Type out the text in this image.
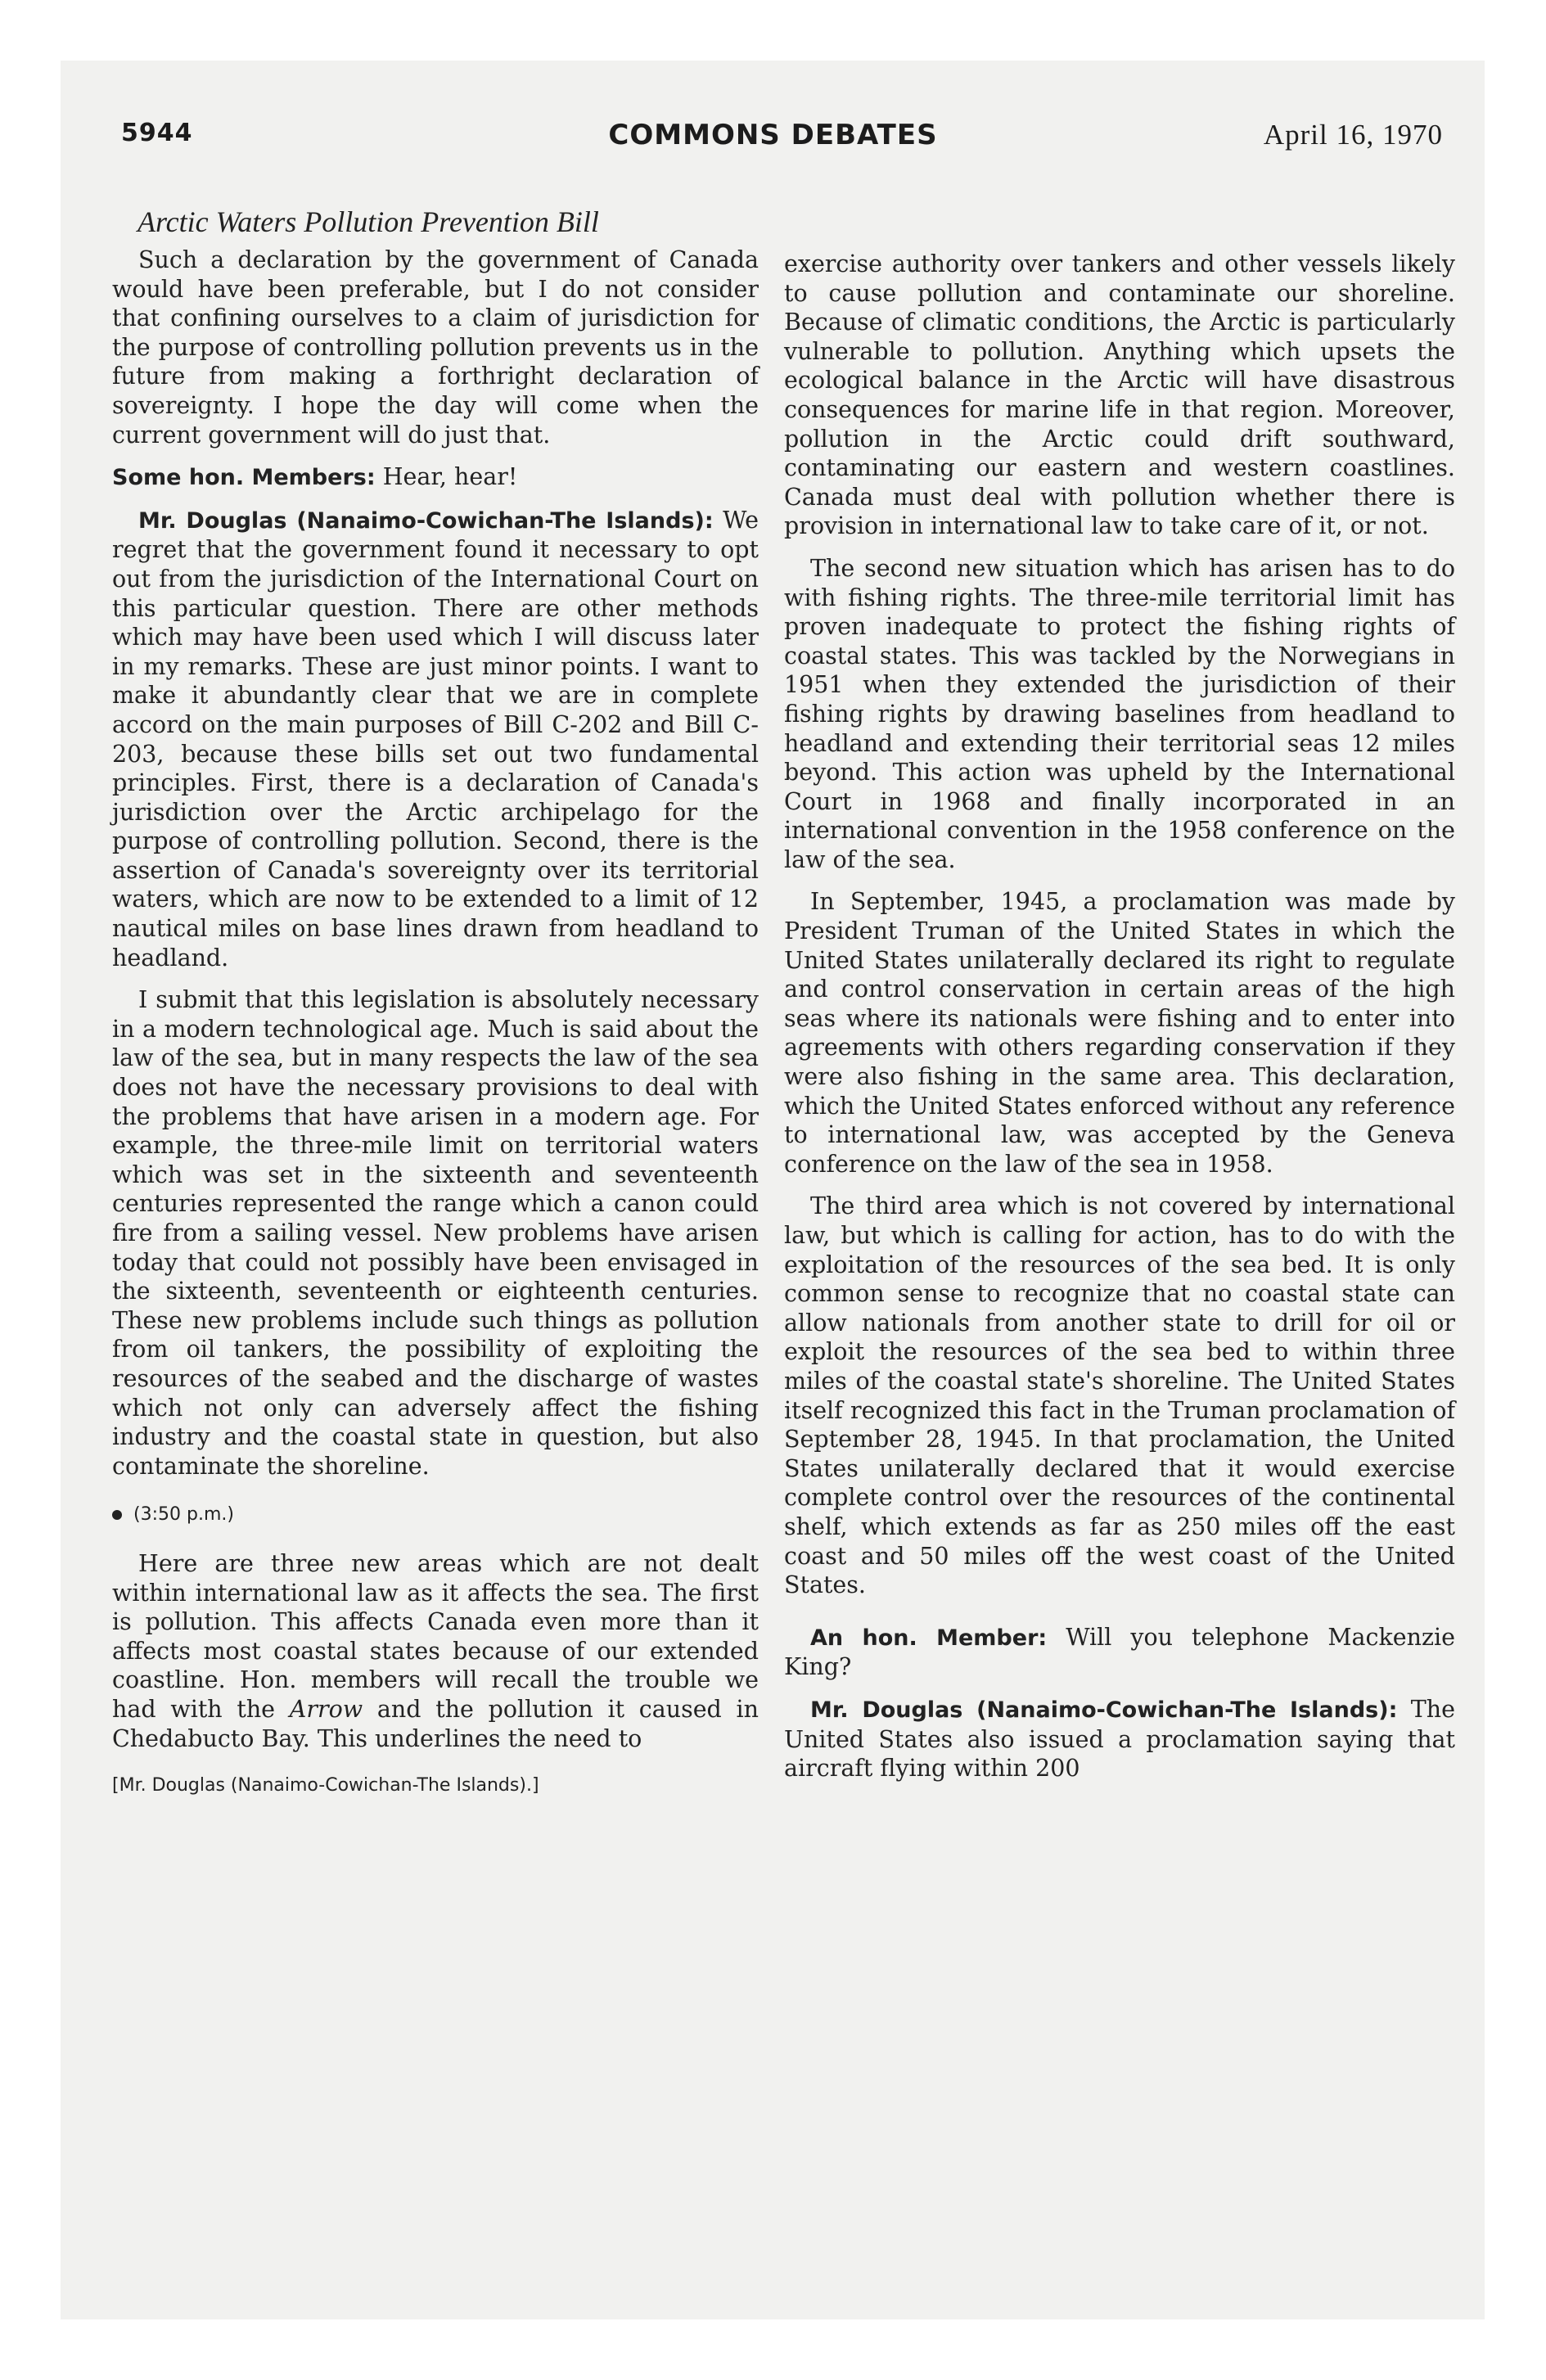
5944	COMMONS DEBATES	April 16, 1970
Arctic Waters Pollution Prevention Bill

Such a declaration by the government of Canada would have been preferable, but I do not consider that confining ourselves to a claim of jurisdiction for the purpose of controlling pollution prevents us in the future from making a forthright declaration of sovereignty. I hope the day will come when the current government will do just that.

Some hon. Members: Hear, hear!

Mr. Douglas (Nanaimo-Cowichan-The Islands): We regret that the government found it necessary to opt out from the jurisdiction of the International Court on this particular question. There are other methods which may have been used which I will discuss later in my remarks. These are just minor points. I want to make it abundantly clear that we are in complete accord on the main purposes of Bill C-202 and Bill C-203, because these bills set out two fundamental principles. First, there is a declaration of Canada's jurisdiction over the Arctic archipelago for the purpose of controlling pollution. Second, there is the assertion of Canada's sovereignty over its territorial waters, which are now to be extended to a limit of 12 nautical miles on base lines drawn from headland to headland.

I submit that this legislation is absolutely necessary in a modern technological age. Much is said about the law of the sea, but in many respects the law of the sea does not have the necessary provisions to deal with the problems that have arisen in a modern age. For example, the three-mile limit on territorial waters which was set in the sixteenth and seventeenth centuries represented the range which a canon could fire from a sailing vessel. New problems have arisen today that could not possibly have been envisaged in the sixteenth, seventeenth or eighteenth centuries. These new problems include such things as pollution from oil tankers, the possibility of exploiting the resources of the seabed and the discharge of wastes which not only can adversely affect the fishing industry and the coastal state in question, but also contaminate the shoreline.

(3:50 p.m.)

Here are three new areas which are not dealt within international law as it affects the sea. The first is pollution. This affects Canada even more than it affects most coastal states because of our extended coastline. Hon. members will recall the trouble we had with the Arrow and the pollution it caused in Chedabucto Bay. This underlines the need to

[Mr. Douglas (Nanaimo-Cowichan-The Islands).]

exercise authority over tankers and other vessels likely to cause pollution and contaminate our shoreline. Because of climatic conditions, the Arctic is particularly vulnerable to pollution. Anything which upsets the ecological balance in the Arctic will have disastrous consequences for marine life in that region. Moreover, pollution in the Arctic could drift southward, contaminating our eastern and western coastlines. Canada must deal with pollution whether there is provision in international law to take care of it, or not.

The second new situation which has arisen has to do with fishing rights. The three-mile territorial limit has proven inadequate to protect the fishing rights of coastal states. This was tackled by the Norwegians in 1951 when they extended the jurisdiction of their fishing rights by drawing baselines from headland to headland and extending their territorial seas 12 miles beyond. This action was upheld by the International Court in 1968 and finally incorporated in an international convention in the 1958 conference on the law of the sea.

In September, 1945, a proclamation was made by President Truman of the United States in which the United States unilaterally declared its right to regulate and control conservation in certain areas of the high seas where its nationals were fishing and to enter into agreements with others regarding conservation if they were also fishing in the same area. This declaration, which the United States enforced without any reference to international law, was accepted by the Geneva conference on the law of the sea in 1958.

The third area which is not covered by international law, but which is calling for action, has to do with the exploitation of the resources of the sea bed. It is only common sense to recognize that no coastal state can allow nationals from another state to drill for oil or exploit the resources of the sea bed to within three miles of the coastal state's shoreline. The United States itself recognized this fact in the Truman proclamation of September 28, 1945. In that proclamation, the United States unilaterally declared that it would exercise complete control over the resources of the continental shelf, which extends as far as 250 miles off the east coast and 50 miles off the west coast of the United States.

An hon. Member: Will you telephone Mackenzie King?

Mr. Douglas (Nanaimo-Cowichan-The Islands): The United States also issued a proclamation saying that aircraft flying within 200
